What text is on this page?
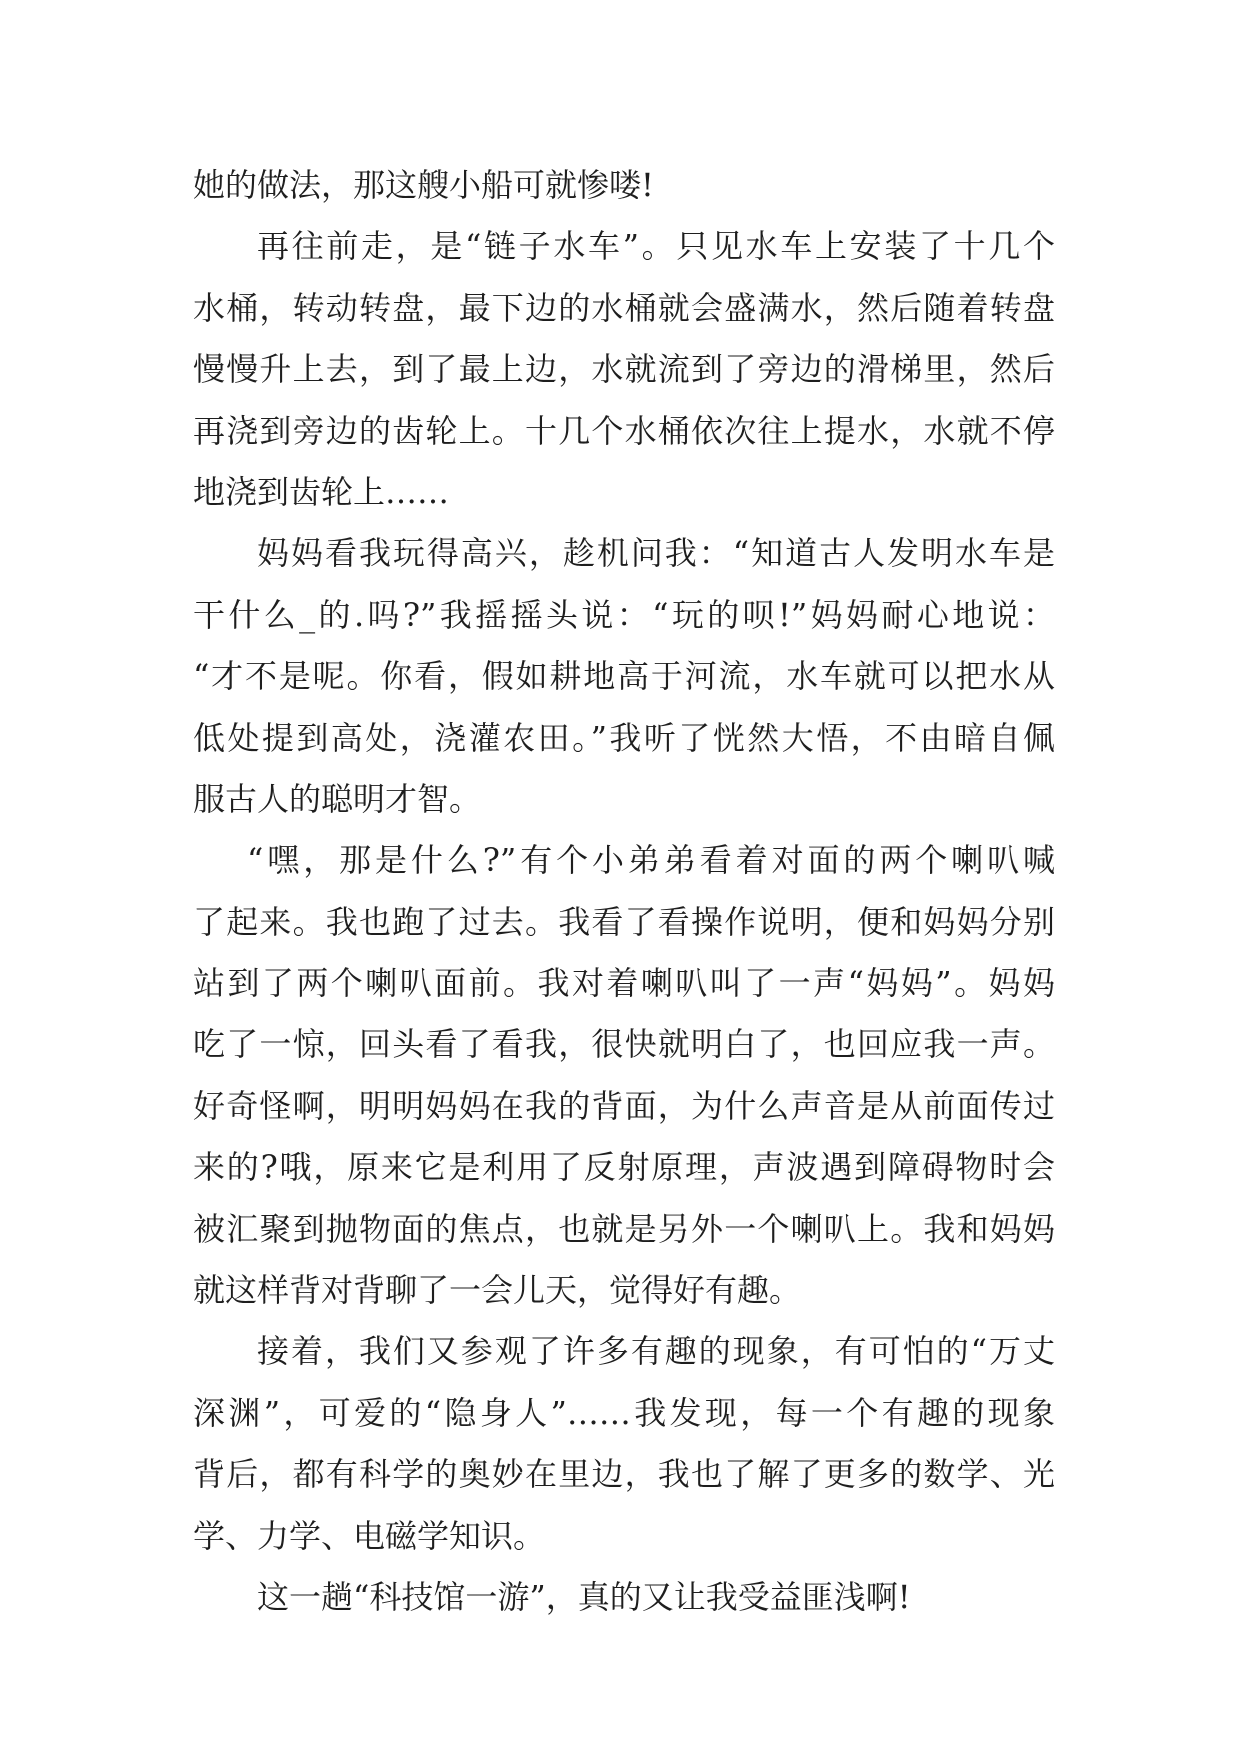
她的做法，那这艘小船可就惨喽!
再往前走，是“链子水车”。只见水车上安装了十几个
水桶，转动转盘，最下边的水桶就会盛满水，然后随着转盘
慢慢升上去，到了最上边，水就流到了旁边的滑梯里，然后
再浇到旁边的齿轮上。十几个水桶依次往上提水，水就不停
地浇到齿轮上……
妈妈看我玩得高兴，趁机问我：“知道古人发明水车是
干什么_的.吗?”我摇摇头说：“玩的呗!”妈妈耐心地说：
“才不是呢。你看，假如耕地高于河流，水车就可以把水从
低处提到高处，浇灌农田。”我听了恍然大悟，不由暗自佩
服古人的聪明才智。
“嘿，那是什么?”有个小弟弟看着对面的两个喇叭喊
了起来。我也跑了过去。我看了看操作说明，便和妈妈分别
站到了两个喇叭面前。我对着喇叭叫了一声“妈妈”。妈妈
吃了一惊，回头看了看我，很快就明白了，也回应我一声。
好奇怪啊，明明妈妈在我的背面，为什么声音是从前面传过
来的?哦，原来它是利用了反射原理，声波遇到障碍物时会
被汇聚到抛物面的焦点，也就是另外一个喇叭上。我和妈妈
就这样背对背聊了一会儿天，觉得好有趣。
接着，我们又参观了许多有趣的现象，有可怕的“万丈
深渊”，可爱的“隐身人”……我发现，每一个有趣的现象
背后，都有科学的奥妙在里边，我也了解了更多的数学、光
学、力学、电磁学知识。
这一趟“科技馆一游”，真的又让我受益匪浅啊!
